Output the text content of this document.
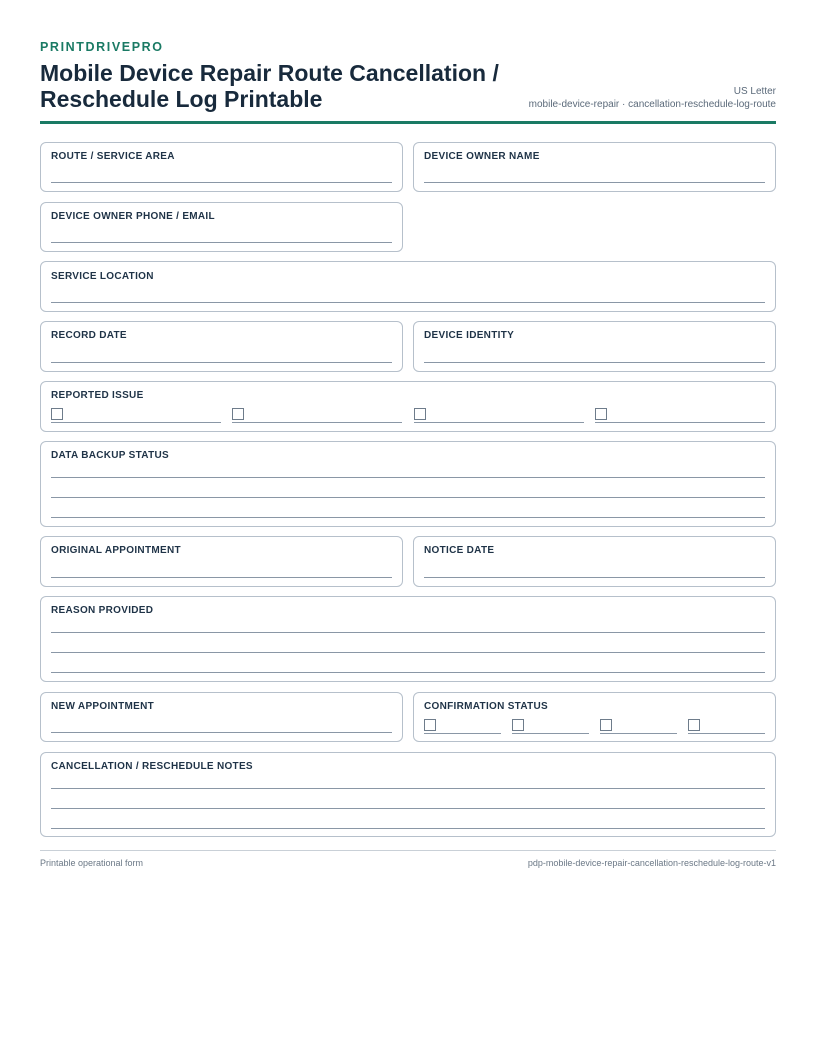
PRINTDRIVEPRO
Mobile Device Repair Route Cancellation / Reschedule Log Printable	US Letter
mobile-device-repair · cancellation-reschedule-log-route
ROUTE / SERVICE AREA	DEVICE OWNER NAME
DEVICE OWNER PHONE / EMAIL
SERVICE LOCATION
RECORD DATE	DEVICE IDENTITY
REPORTED ISSUE
DATA BACKUP STATUS
ORIGINAL APPOINTMENT	NOTICE DATE
REASON PROVIDED
NEW APPOINTMENT	CONFIRMATION STATUS
CANCELLATION / RESCHEDULE NOTES
Printable operational form	pdp-mobile-device-repair-cancellation-reschedule-log-route-v1
